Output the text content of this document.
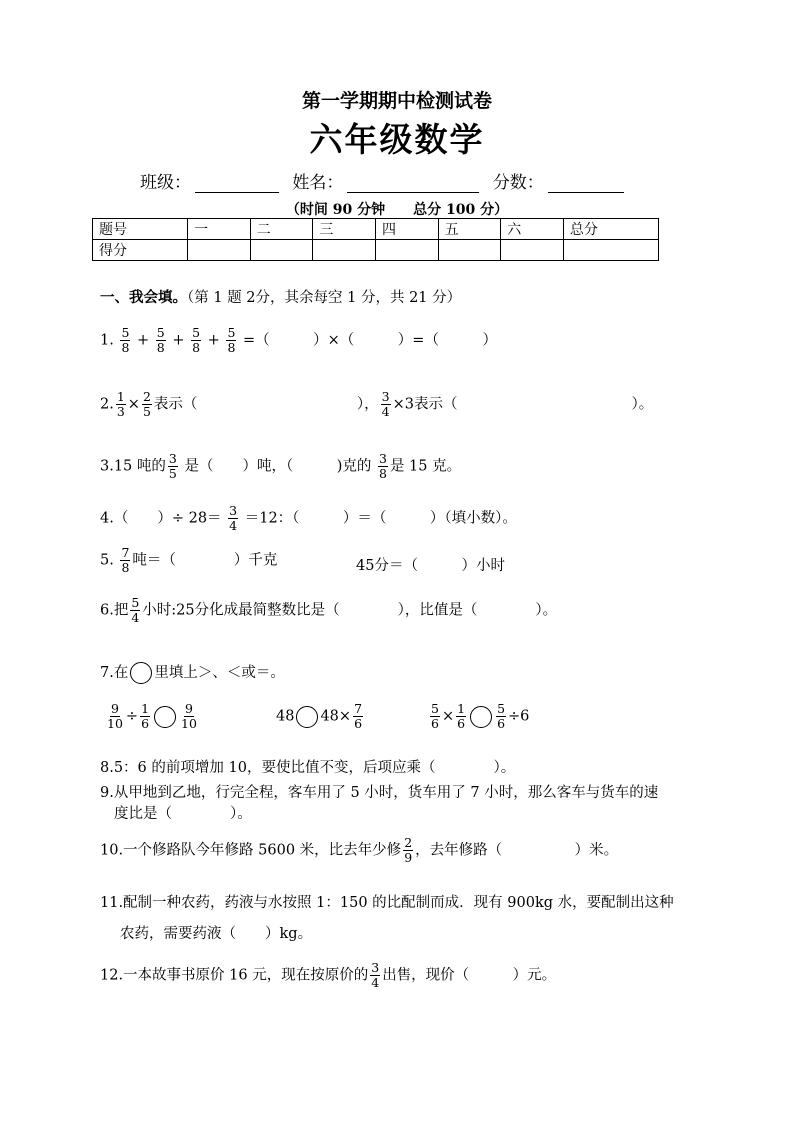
第一学期期中检测试卷
六年级数学
班级：	姓名：	分数：
（时间 90 分钟　　总分 100 分）
题号	一	二	三	四	五	六	总分
得分							
一、我会填。（第 1 题 2分，其余每空 1 分，共 21 分）
1. $\frac{5}{8} + \frac{5}{8} + \frac{5}{8} + \frac{5}{8}$ =（　　　）×（　　　）=（　　　）
2. $\frac{1}{3} \times \frac{2}{5}$ 表示（　　　　　　　　　　　）， $\frac{3}{4} \times 3$表示（　　　　　　　　　　　　）。
3.15 吨的 $\frac{3}{5}$ 是（　　）吨，（　　　)克的 $\frac{3}{8}$ 是 15 克。
4.（　　）÷ $28= \frac{3}{4} =12$：（　　　）＝（　　　）（填小数）。
5. $\frac{7}{8}$ 吨＝（　　　　）千克	45分＝（　　　）小时
6.把 $\frac{5}{4}$ 小时:25分化成最简整数比是（　　　　），比值是（　　　　）。
7.在 里填上＞、＜或＝。
$\frac{9}{10} \div \frac{1}{6} \frac{9}{10}$	48 $48\times \frac{7}{6}$	$\frac{5}{6} \times \frac{1}{6} \frac{5}{6} \div 6$
8.5：6 的前项增加 10，要使比值不变，后项应乘（　　　　）。
9.从甲地到乙地，行完全程，客车用了 5 小时，货车用了 7 小时，那么客车与货车的速
度比是（　　　　）。
10.一个修路队今年修路 5600 米，比去年少修 $\frac{2}{9}$ ，去年修路（　　　　　）米。
11.配制一种农药，药液与水按照 1：150 的比配制而成．现有 900kg 水，要配制出这种
农药，需要药液（　　）kg。
12.一本故事书原价 16 元，现在按原价的 $\frac{3}{4}$ 出售，现价（　　　）元。
